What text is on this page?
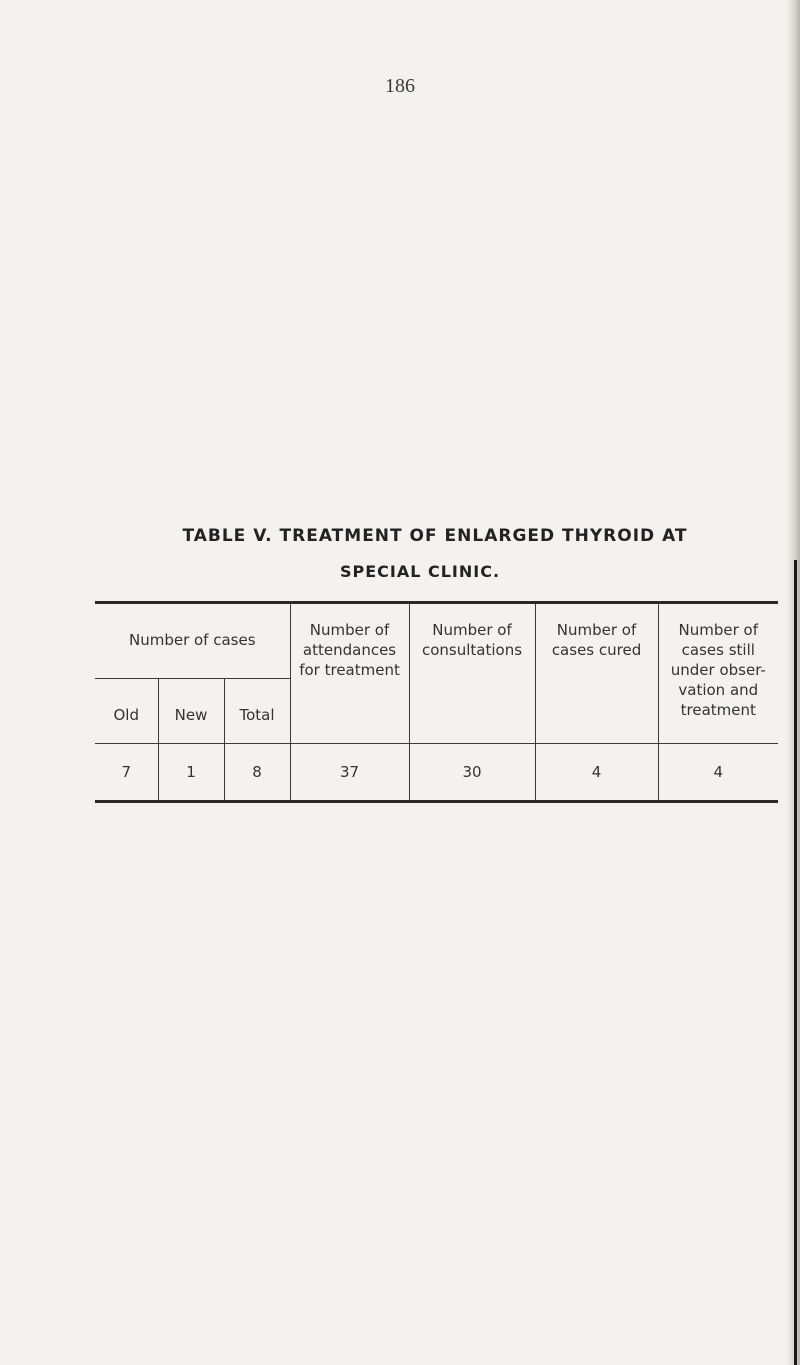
186
TABLE V. TREATMENT OF ENLARGED THYROID AT
SPECIAL CLINIC.
Number of cases			Number of attendances for treatment	Number of consultations	Number of cases cured	Number of cases still under obser- vation and treatment
Old	New	Total				
7	1	8	37	30	4	4
